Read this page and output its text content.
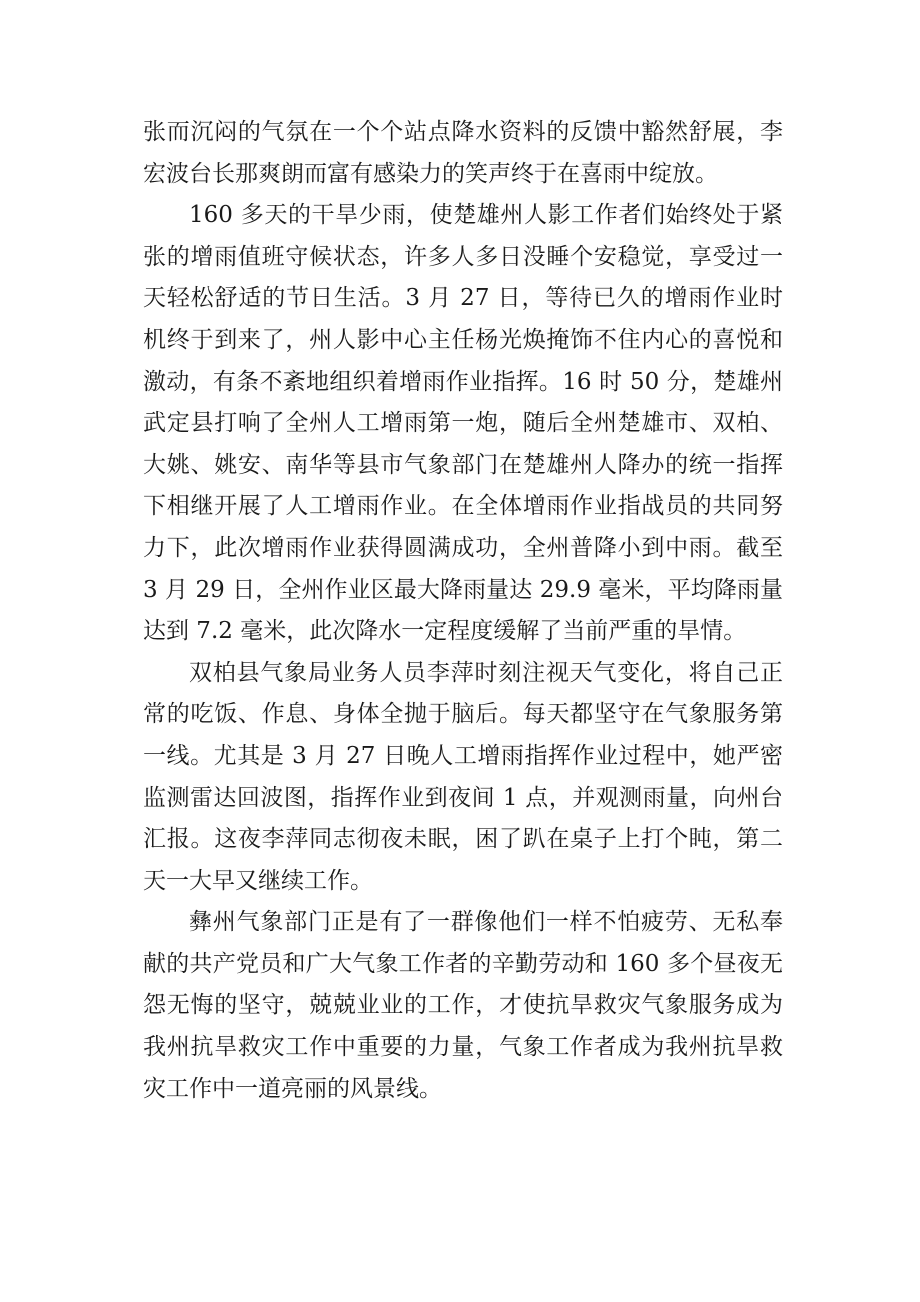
张而沉闷的气氛在一个个站点降水资料的反馈中豁然舒展，李宏波台长那爽朗而富有感染力的笑声终于在喜雨中绽放。

160 多天的干旱少雨，使楚雄州人影工作者们始终处于紧张的增雨值班守候状态，许多人多日没睡个安稳觉，享受过一天轻松舒适的节日生活。3 月 27 日，等待已久的增雨作业时机终于到来了，州人影中心主任杨光焕掩饰不住内心的喜悦和激动，有条不紊地组织着增雨作业指挥。16 时 50 分，楚雄州武定县打响了全州人工增雨第一炮，随后全州楚雄市、双柏、大姚、姚安、南华等县市气象部门在楚雄州人降办的统一指挥下相继开展了人工增雨作业。在全体增雨作业指战员的共同努力下，此次增雨作业获得圆满成功，全州普降小到中雨。截至 3 月 29 日，全州作业区最大降雨量达 29.9 毫米，平均降雨量达到 7.2 毫米，此次降水一定程度缓解了当前严重的旱情。

双柏县气象局业务人员李萍时刻注视天气变化，将自己正常的吃饭、作息、身体全抛于脑后。每天都坚守在气象服务第一线。尤其是 3 月 27 日晚人工增雨指挥作业过程中，她严密监测雷达回波图，指挥作业到夜间 1 点，并观测雨量，向州台汇报。这夜李萍同志彻夜未眠，困了趴在桌子上打个盹，第二天一大早又继续工作。

彝州气象部门正是有了一群像他们一样不怕疲劳、无私奉献的共产党员和广大气象工作者的辛勤劳动和 160 多个昼夜无怨无悔的坚守，兢兢业业的工作，才使抗旱救灾气象服务成为我州抗旱救灾工作中重要的力量，气象工作者成为我州抗旱救灾工作中一道亮丽的风景线。
